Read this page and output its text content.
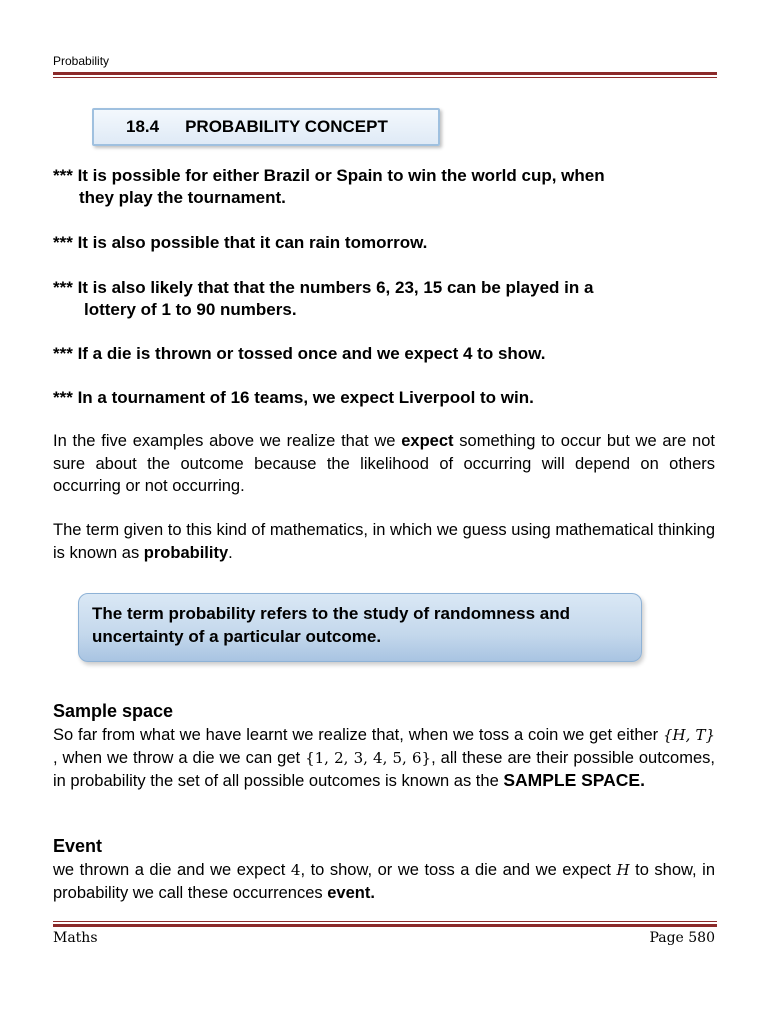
Probability
18.4 PROBABILITY CONCEPT
*** It is possible for either Brazil or Spain to win the world cup, when
they play the tournament.
*** It is also possible that it can rain tomorrow.
*** It is also likely that that the numbers 6, 23, 15 can be played in a
lottery of 1 to 90 numbers.
*** If a die is thrown or tossed once and we expect 4 to show.
*** In a tournament of 16 teams, we expect Liverpool to win.
In the five examples above we realize that we expect something to occur but we are not sure about the outcome because the likelihood of occurring will depend on others occurring or not occurring.
The term given to this kind of mathematics, in which we guess using mathematical thinking is known as probability.
The term probability refers to the study of randomness and uncertainty of a particular outcome.
Sample space
So far from what we have learnt we realize that, when we toss a coin we get either {H, T} , when we throw a die we can get {1, 2, 3, 4, 5, 6}, all these are their possible outcomes, in probability the set of all possible outcomes is known as the SAMPLE SPACE.
Event
we thrown a die and we expect 4, to show, or we toss a die and we expect H to show, in probability we call these occurrences event.
Maths	Page 580
